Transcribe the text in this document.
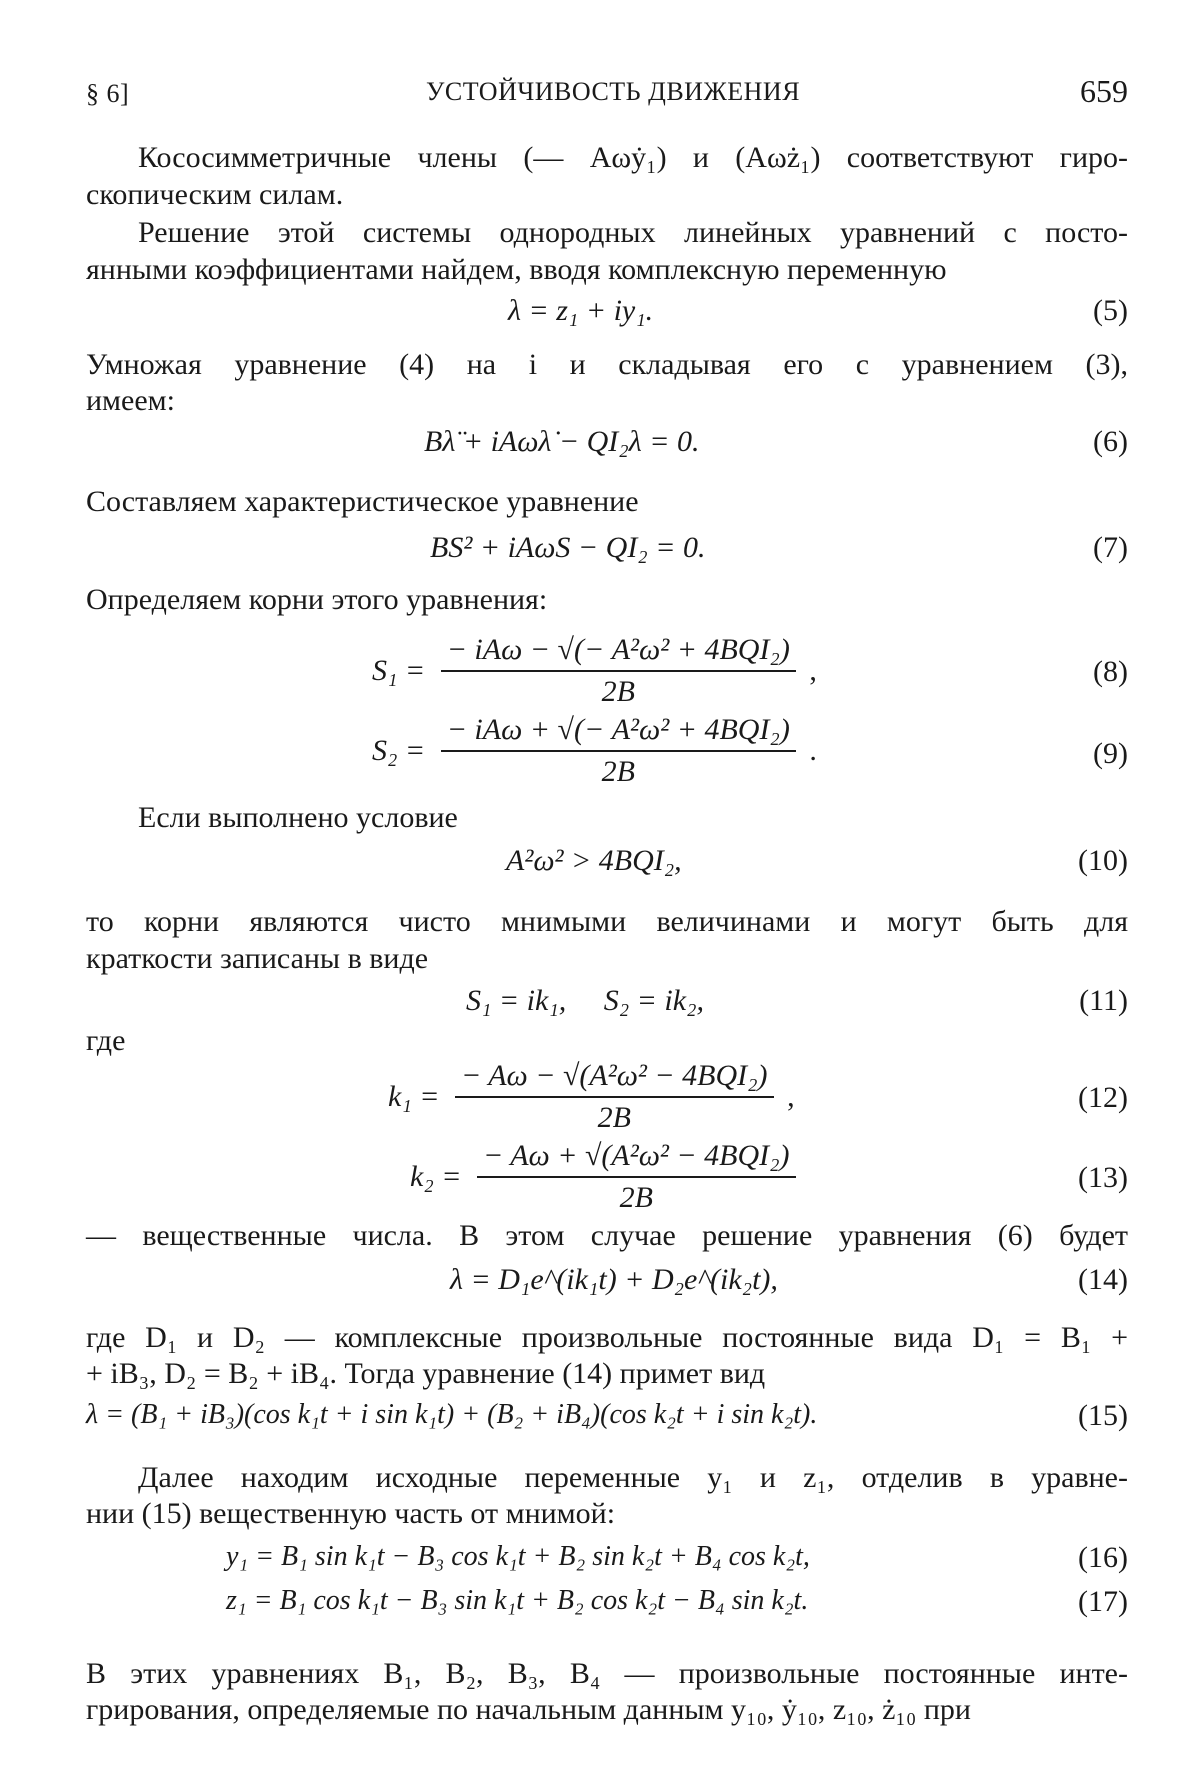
§ 6]	УСТОЙЧИВОСТЬ ДВИЖЕНИЯ	659
Кососимметричные члены (— Aωẏ₁) и (Aωż₁) соответствуют гиро-
скопическим силам.
Решение этой системы однородных линейных уравнений с посто-
янными коэффициентами найдем, вводя комплексную переменную
λ = z₁ + iy₁.	(5)
Умножая уравнение (4) на i и складывая его с уравнением (3),
имеем:
Bλ̈ + iAωλ̇ − QI₂λ = 0.	(6)
Составляем характеристическое уравнение
BS² + iAωS − QI₂ = 0.	(7)
Определяем корни этого уравнения:
$S_1 = \frac{\text{− iAω − √(− A²ω² + 4BQI₂)}}{2B}$ ,	(8)
$S_2 = \frac{\text{− iAω + √(− A²ω² + 4BQI₂)}}{2B}$ .	(9)
Если выполнено условие
A²ω² > 4BQI₂,	(10)
то корни являются чисто мнимыми величинами и могут быть для
краткости записаны в виде
S₁ = ik₁,     S₂ = ik₂,	(11)
где
$k_1 = \frac{\text{− Aω − √(A²ω² − 4BQI₂)}}{2B}$ ,	(12)
$k_2 = \frac{\text{− Aω + √(A²ω² − 4BQI₂)}}{2B}$	(13)
— вещественные числа. В этом случае решение уравнения (6) будет
λ = D₁e^(ik₁t) + D₂e^(ik₂t),	(14)
где D₁ и D₂ — комплексные произвольные постоянные вида D₁ = B₁ +
+ iB₃, D₂ = B₂ + iB₄. Тогда уравнение (14) примет вид
λ = (B₁ + iB₃)(cos k₁t + i sin k₁t) + (B₂ + iB₄)(cos k₂t + i sin k₂t).	(15)
Далее находим исходные переменные y₁ и z₁, отделив в уравне-
нии (15) вещественную часть от мнимой:
y₁ = B₁ sin k₁t − B₃ cos k₁t + B₂ sin k₂t + B₄ cos k₂t,	(16)
z₁ = B₁ cos k₁t − B₃ sin k₁t + B₂ cos k₂t − B₄ sin k₂t.	(17)
В этих уравнениях B₁, B₂, B₃, B₄ — произвольные постоянные инте-
грирования, определяемые по начальным данным y₁₀, ẏ₁₀, z₁₀, ż₁₀ при
